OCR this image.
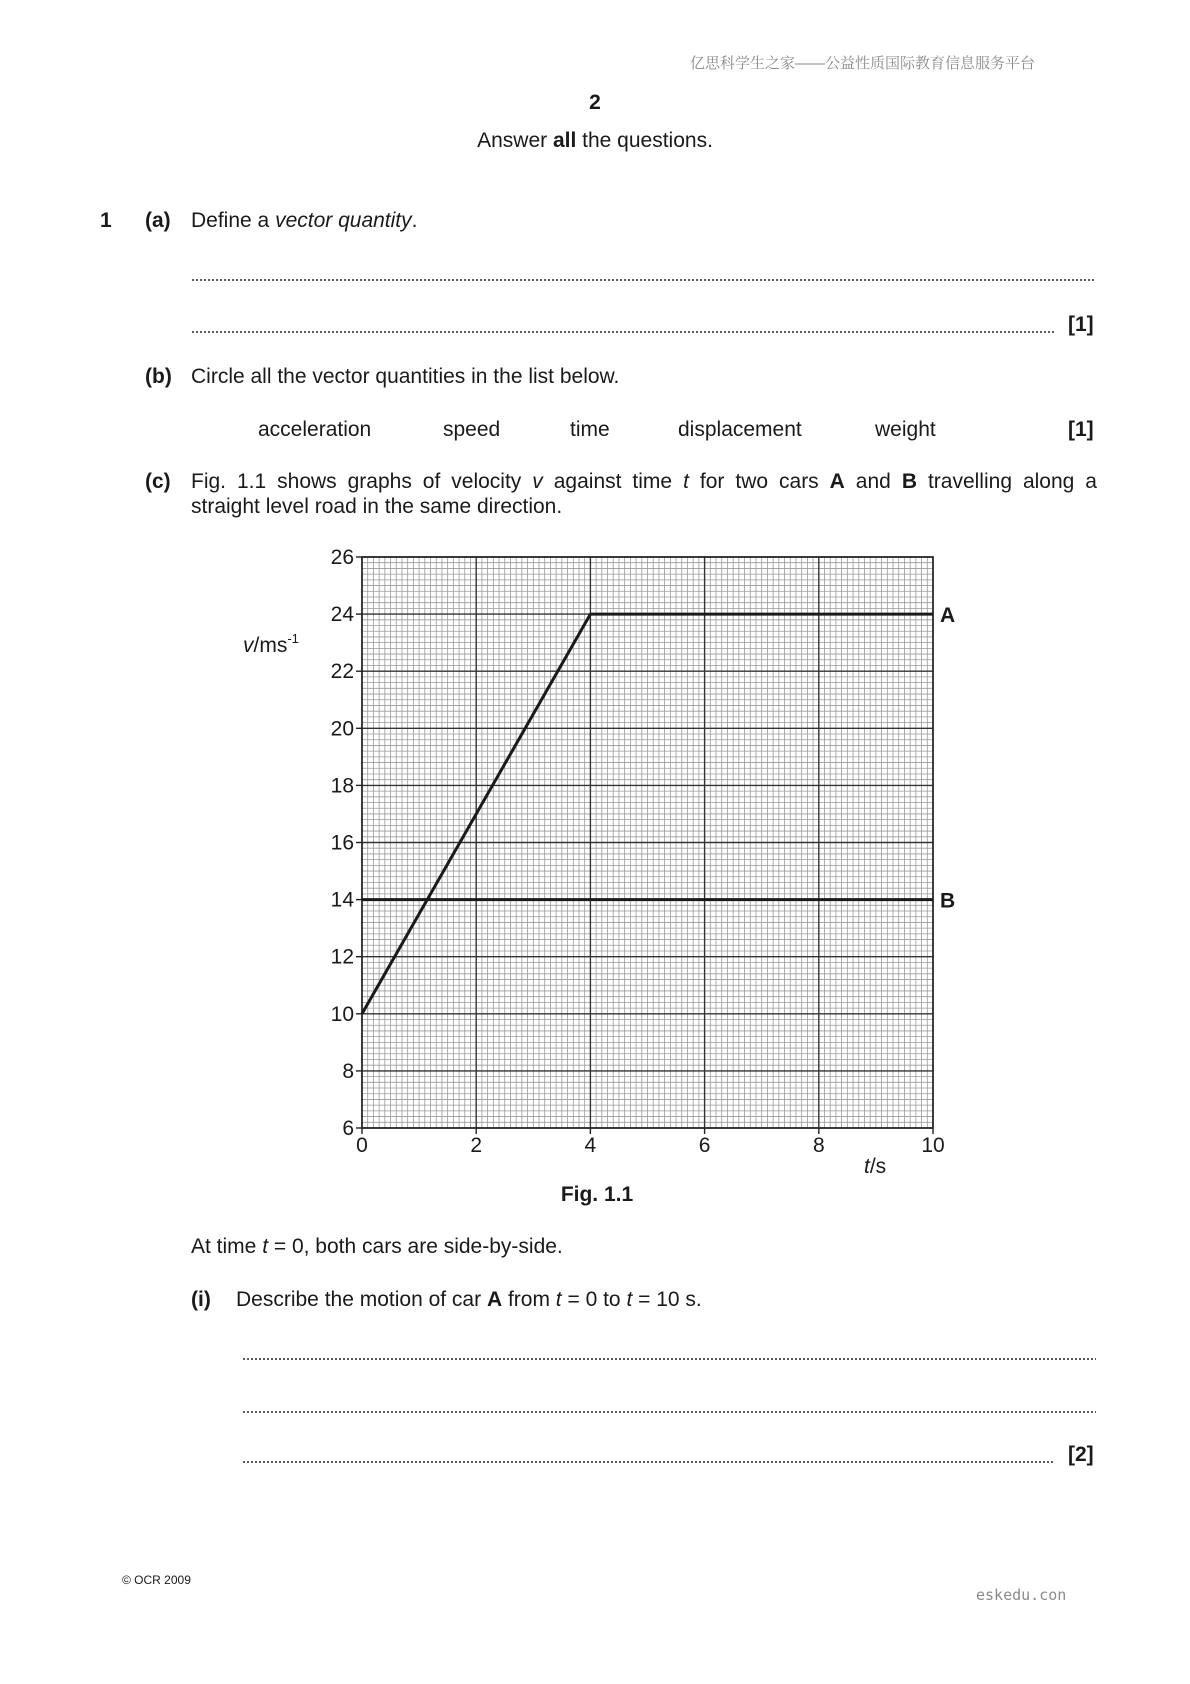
亿思科学生之家——公益性质国际教育信息服务平台
2
Answer all the questions.
1 (a) Define a vector quantity.
[1]
(b) Circle all the vector quantities in the list below.
acceleration	speed	time	displacement	weight	[1]
(c) Fig. 1.1 shows graphs of velocity v against time t for two cars A and B travelling along a
straight level road in the same direction.
6
8
10
12
14
16
18
20
22
24
26
0	2	4	6	8	10
A
B
$v/ms^{-1}$
t/s
Fig. 1.1
At time t = 0, both cars are side-by-side.
(i) Describe the motion of car A from t = 0 to t = 10 s.
[2]
© OCR 2009
eskedu.con
